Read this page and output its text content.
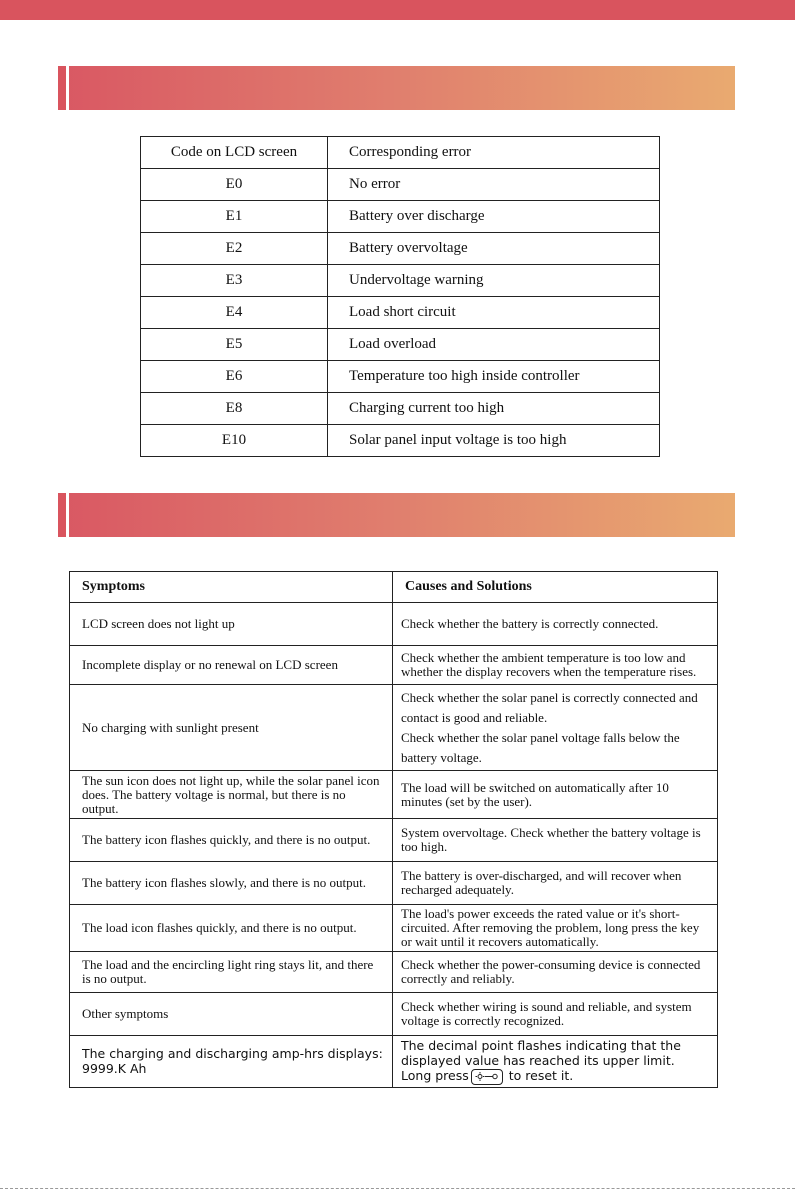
Code on LCD screen	Corresponding error
E0	No error
E1	Battery over discharge
E2	Battery overvoltage
E3	Undervoltage warning
E4	Load short circuit
E5	Load overload
E6	Temperature too high inside controller
E8	Charging current too high
E10	Solar panel input voltage is too high
Symptoms	Causes and Solutions
LCD screen does not light up	Check whether the battery is correctly connected.
Incomplete display or no renewal on LCD screen	Check whether the ambient temperature is too low and whether the display recovers when the temperature rises.
No charging with sunlight present	Check whether the solar panel is correctly connected and contact is good and reliable.
Check whether the solar panel voltage falls below the battery voltage.

The sun icon does not light up, while the solar panel icon does. The battery voltage is normal, but there is no output.	The load will be switched on automatically after 10 minutes (set by the user).
The battery icon flashes quickly, and there is no output.	System overvoltage. Check whether the battery voltage is too high.
The battery icon flashes slowly, and there is no output.	The battery is over-discharged, and will recover when recharged adequately.
The load icon flashes quickly, and there is no output.	The load's power exceeds the rated value or it's short-circuited. After removing the problem, long press the key or wait until it recovers automatically.
The load and the encircling light ring stays lit, and there is no output.	Check whether the power-consuming device is connected correctly and reliably.
Other symptoms	Check whether wiring is sound and reliable, and system voltage is correctly recognized.
The charging and discharging amp-hrs displays: 9999.K Ah	The decimal point flashes indicating that the displayed value has reached its upper limit.
Long press to reset it.
